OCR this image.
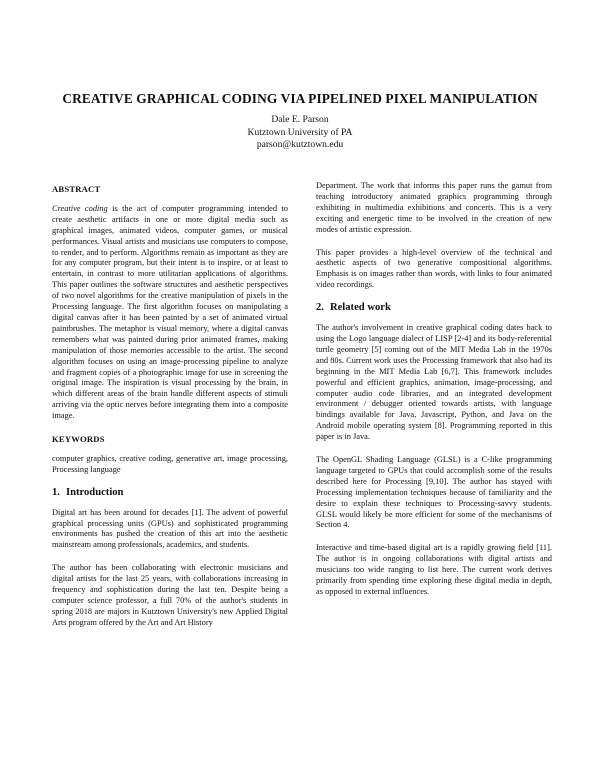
CREATIVE GRAPHICAL CODING VIA PIPELINED PIXEL MANIPULATION
Dale E. Parson
Kutztown University of PA
parson@kutztown.edu
ABSTRACT

Creative coding is the act of computer programming intended to create aesthetic artifacts in one or more digital media such as graphical images, animated videos, computer games, or musical performances. Visual artists and musicians use computers to compose, to render, and to perform. Algorithms remain as important as they are for any computer program, but their intent is to inspire, or at least to entertain, in contrast to more utilitarian applications of algorithms. This paper outlines the software structures and aesthetic perspectives of two novel algorithms for the creative manipulation of pixels in the Processing language. The first algorithm focuses on manipulating a digital canvas after it has been painted by a set of animated virtual paintbrushes. The metaphor is visual memory, where a digital canvas remembers what was painted during prior animated frames, making manipulation of those memories accessible to the artist. The second algorithm focuses on using an image-processing pipeline to analyze and fragment copies of a photographic image for use in screening the original image. The inspiration is visual processing by the brain, in which different areas of the brain handle different aspects of stimuli arriving via the optic nerves before integrating them into a composite image.

KEYWORDS

computer graphics, creative coding, generative art, image processing, Processing language

1. Introduction

Digital art has been around for decades [1]. The advent of powerful graphical processing units (GPUs) and sophisticated programming environments has pushed the creation of this art into the aesthetic mainstream among professionals, academics, and students.

The author has been collaborating with electronic musicians and digital artists for the last 25 years, with collaborations increasing in frequency and sophistication during the last ten. Despite being a computer science professor, a full 70% of the author's students in spring 2018 are majors in Kutztown University's new Applied Digital Arts program offered by the Art and Art History

Department. The work that informs this paper runs the gamut from teaching introductory animated graphics programming through exhibiting in multimedia exhibitions and concerts. This is a very exciting and energetic time to be involved in the creation of new modes of artistic expression.

This paper provides a high-level overview of the technical and aesthetic aspects of two generative compositional algorithms. Emphasis is on images rather than words, with links to four animated video recordings.

2. Related work

The author's involvement in creative graphical coding dates back to using the Logo language dialect of LISP [2-4] and its body-referential turtle geometry [5] coming out of the MIT Media Lab in the 1970s and 80s. Current work uses the Processing framework that also had its beginning in the MIT Media Lab [6,7]. This framework includes powerful and efficient graphics, animation, image-processing, and computer audio code libraries, and an integrated development environment / debugger oriented towards artists, with language bindings available for Java, Javascript, Python, and Java on the Android mobile operating system [8]. Programming reported in this paper is in Java.

The OpenGL Shading Language (GLSL) is a C-like programming language targeted to GPUs that could accomplish some of the results described here for Processing [9,10]. The author has stayed with Processing implementation techniques because of familiarity and the desire to explain these techniques to Processing-savvy students. GLSL would likely be more efficient for some of the mechanisms of Section 4.

Interactive and time-based digital art is a rapidly growing field [11]. The author is in ongoing collaborations with digital artists and musicians too wide ranging to list here. The current work derives primarily from spending time exploring these digital media in depth, as opposed to external influences.
